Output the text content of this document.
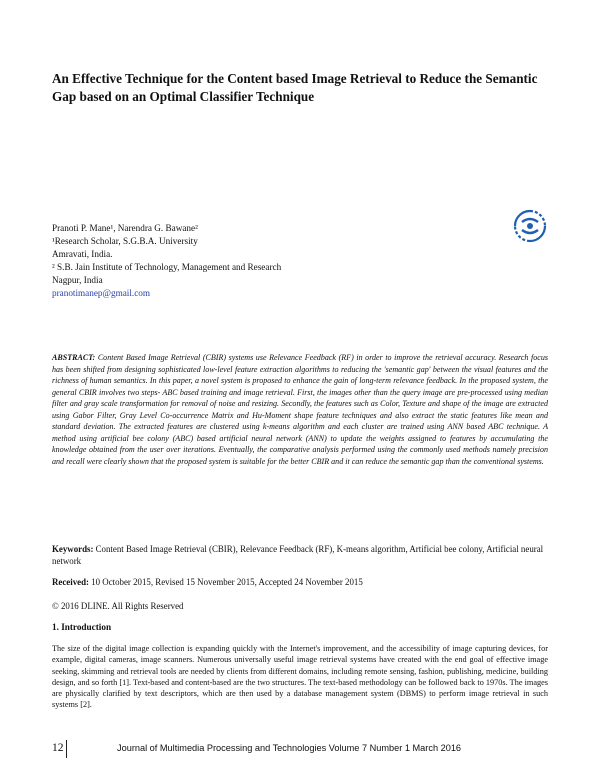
An Effective Technique for the Content based Image Retrieval to Reduce the Semantic Gap based on an Optimal Classifier Technique
Pranoti P. Mane¹, Narendra G. Bawane²
¹Research Scholar, S.G.B.A. University
Amravati, India.
² S.B. Jain Institute of Technology, Management and Research
Nagpur, India
pranotimanep@gmail.com

ABSTRACT: Content Based Image Retrieval (CBIR) systems use Relevance Feedback (RF) in order to improve the retrieval accuracy. Research focus has been shifted from designing sophisticated low-level feature extraction algorithms to reducing the 'semantic gap' between the visual features and the richness of human semantics. In this paper, a novel system is proposed to enhance the gain of long-term relevance feedback. In the proposed system, the general CBIR involves two steps- ABC based training and image retrieval. First, the images other than the query image are pre-processed using median filter and gray scale transformation for removal of noise and resizing. Secondly, the features such as Color, Texture and shape of the image are extracted using Gabor Filter, Gray Level Co-occurrence Matrix and Hu-Moment shape feature techniques and also extract the static features like mean and standard deviation. The extracted features are clustered using k-means algorithm and each cluster are trained using ANN based ABC technique. A method using artificial bee colony (ABC) based artificial neural network (ANN) to update the weights assigned to features by accumulating the knowledge obtained from the user over iterations. Eventually, the comparative analysis performed using the commonly used methods namely precision and recall were clearly shown that the proposed system is suitable for the better CBIR and it can reduce the semantic gap than the conventional systems.

Keywords: Content Based Image Retrieval (CBIR), Relevance Feedback (RF), K-means algorithm, Artificial bee colony, Artificial neural network

Received: 10 October 2015, Revised 15 November 2015, Accepted 24 November 2015

© 2016 DLINE. All Rights Reserved

1. Introduction

The size of the digital image collection is expanding quickly with the Internet's improvement, and the accessibility of image capturing devices, for example, digital cameras, image scanners. Numerous universally useful image retrieval systems have created with the end goal of effective image seeking, skimming and retrieval tools are needed by clients from different domains, including remote sensing, fashion, publishing, medicine, building design, and so forth [1]. Text-based and content-based are the two structures. The text-based methodology can be followed back to 1970s. The images are physically clarified by text descriptors, which are then used by a database management system (DBMS) to perform image retrieval in such systems [2].

12	Journal of Multimedia Processing and Technologies Volume 7 Number 1 March 2016
